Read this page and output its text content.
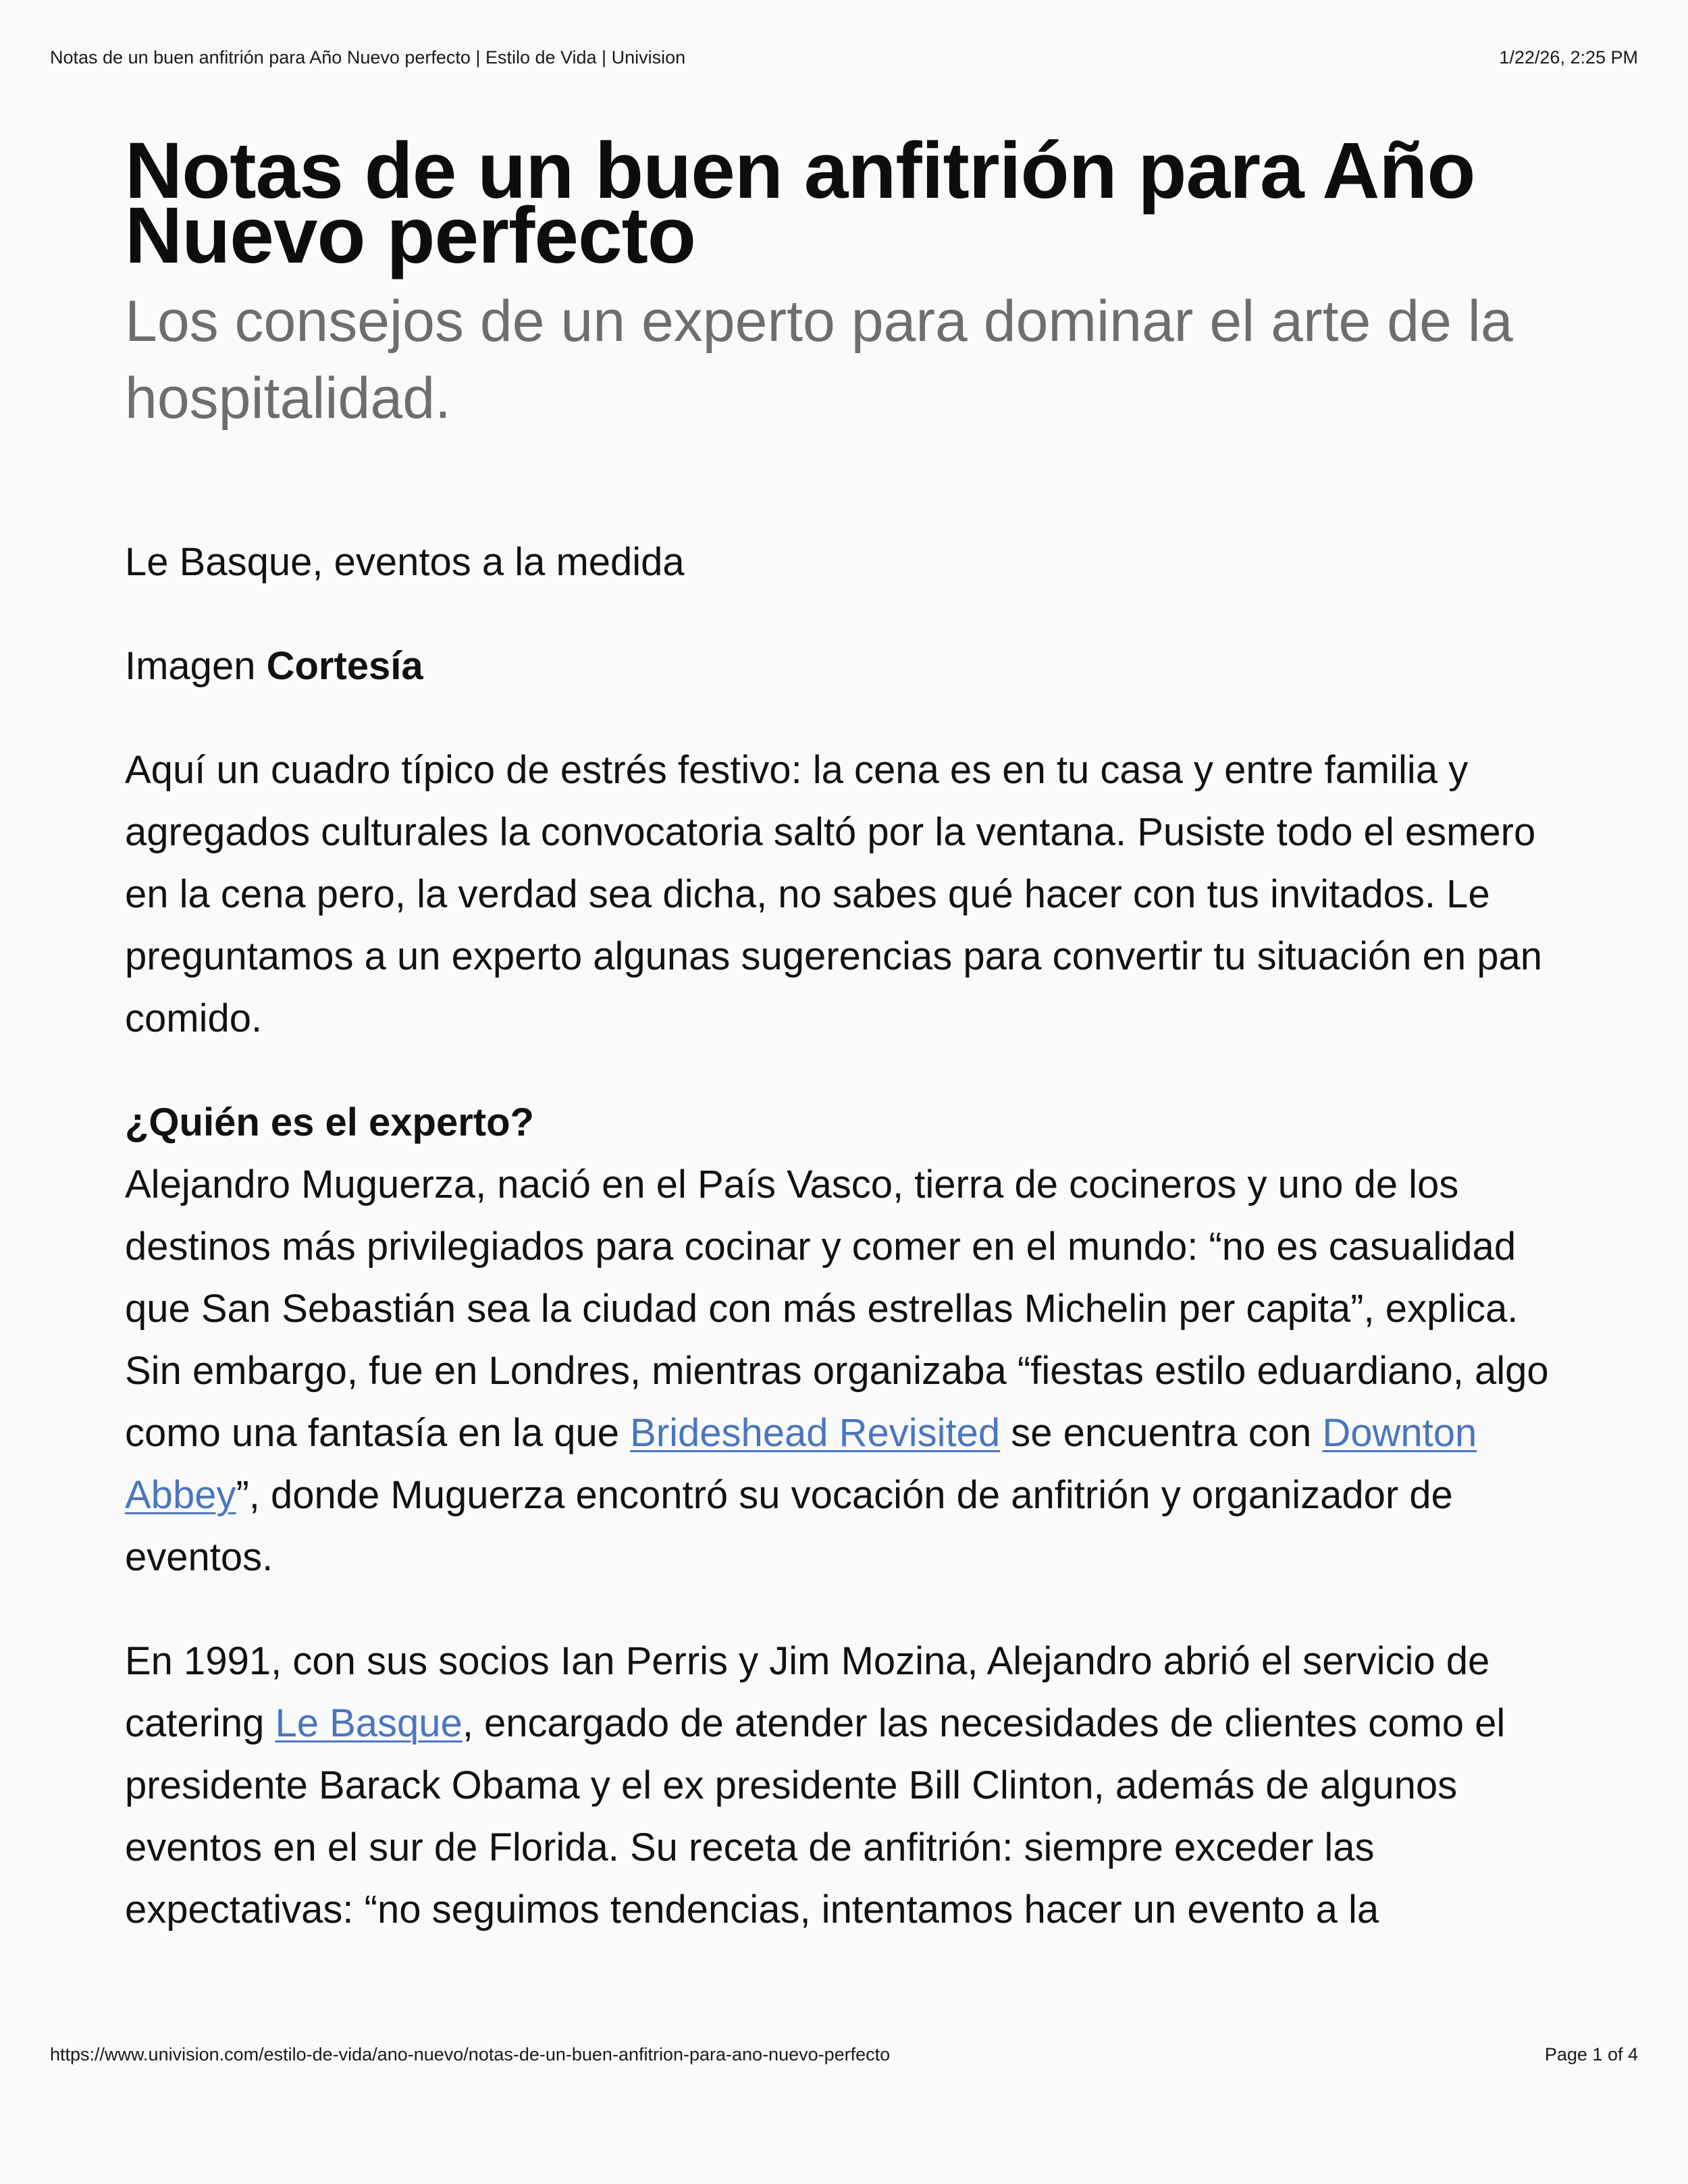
Notas de un buen anfitrión para Año Nuevo perfecto | Estilo de Vida | Univision	1/22/26, 2:25 PM
Notas de un buen anfitrión para Año Nuevo perfecto
Los consejos de un experto para dominar el arte de la hospitalidad.

Le Basque, eventos a la medida

Imagen Cortesía

Aquí un cuadro típico de estrés festivo: la cena es en tu casa y entre familia y agregados culturales la convocatoria saltó por la ventana. Pusiste todo el esmero en la cena pero, la verdad sea dicha, no sabes qué hacer con tus invitados. Le preguntamos a un experto algunas sugerencias para convertir tu situación en pan comido.

¿Quién es el experto?

Alejandro Muguerza, nació en el País Vasco, tierra de cocineros y uno de los destinos más privilegiados para cocinar y comer en el mundo: “no es casualidad que San Sebastián sea la ciudad con más estrellas Michelin per capita”, explica. Sin embargo, fue en Londres, mientras organizaba “fiestas estilo eduardiano, algo como una fantasía en la que Brideshead Revisited se encuentra con Downton Abbey”, donde Muguerza encontró su vocación de anfitrión y organizador de eventos.

En 1991, con sus socios Ian Perris y Jim Mozina, Alejandro abrió el servicio de catering Le Basque, encargado de atender las necesidades de clientes como el presidente Barack Obama y el ex presidente Bill Clinton, además de algunos eventos en el sur de Florida. Su receta de anfitrión: siempre exceder las expectativas: “no seguimos tendencias, intentamos hacer un evento a la

https://www.univision.com/estilo-de-vida/ano-nuevo/notas-de-un-buen-anfitrion-para-ano-nuevo-perfecto	Page 1 of 4
